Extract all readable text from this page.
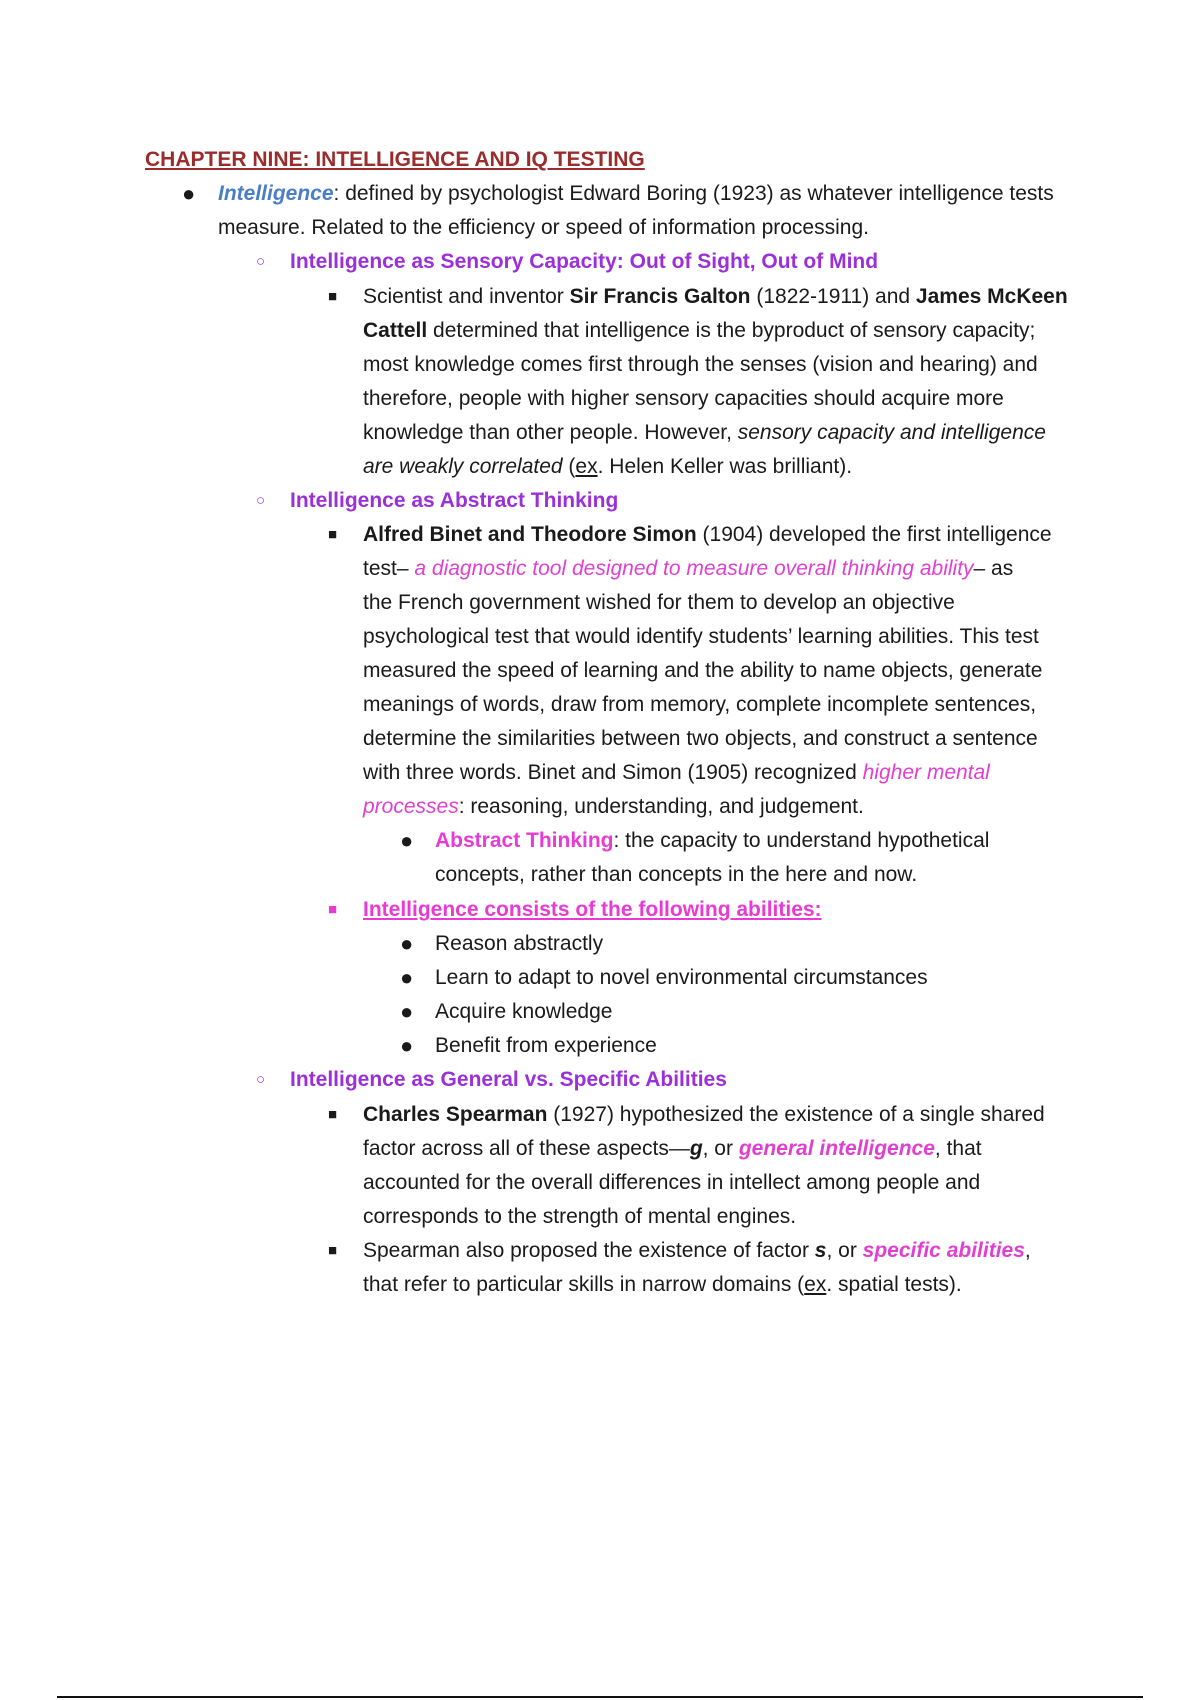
CHAPTER NINE: INTELLIGENCE AND IQ TESTING
● Intelligence: defined by psychologist Edward Boring (1923) as whatever intelligence tests
measure. Related to the efficiency or speed of information processing.
○ Intelligence as Sensory Capacity: Out of Sight, Out of Mind
■ Scientist and inventor Sir Francis Galton (1822-1911) and James McKeen
Cattell determined that intelligence is the byproduct of sensory capacity;
most knowledge comes first through the senses (vision and hearing) and
therefore, people with higher sensory capacities should acquire more
knowledge than other people. However, sensory capacity and intelligence
are weakly correlated (ex. Helen Keller was brilliant).
○ Intelligence as Abstract Thinking
■ Alfred Binet and Theodore Simon (1904) developed the first intelligence
test– a diagnostic tool designed to measure overall thinking ability– as
the French government wished for them to develop an objective
psychological test that would identify students’ learning abilities. This test
measured the speed of learning and the ability to name objects, generate
meanings of words, draw from memory, complete incomplete sentences,
determine the similarities between two objects, and construct a sentence
with three words. Binet and Simon (1905) recognized higher mental
processes: reasoning, understanding, and judgement.
● Abstract Thinking: the capacity to understand hypothetical
concepts, rather than concepts in the here and now.
■ Intelligence consists of the following abilities:
● Reason abstractly
● Learn to adapt to novel environmental circumstances
● Acquire knowledge
● Benefit from experience
○ Intelligence as General vs. Specific Abilities
■ Charles Spearman (1927) hypothesized the existence of a single shared
factor across all of these aspects—g, or general intelligence, that
accounted for the overall differences in intellect among people and
corresponds to the strength of mental engines.
■ Spearman also proposed the existence of factor s, or specific abilities,
that refer to particular skills in narrow domains (ex. spatial tests).
